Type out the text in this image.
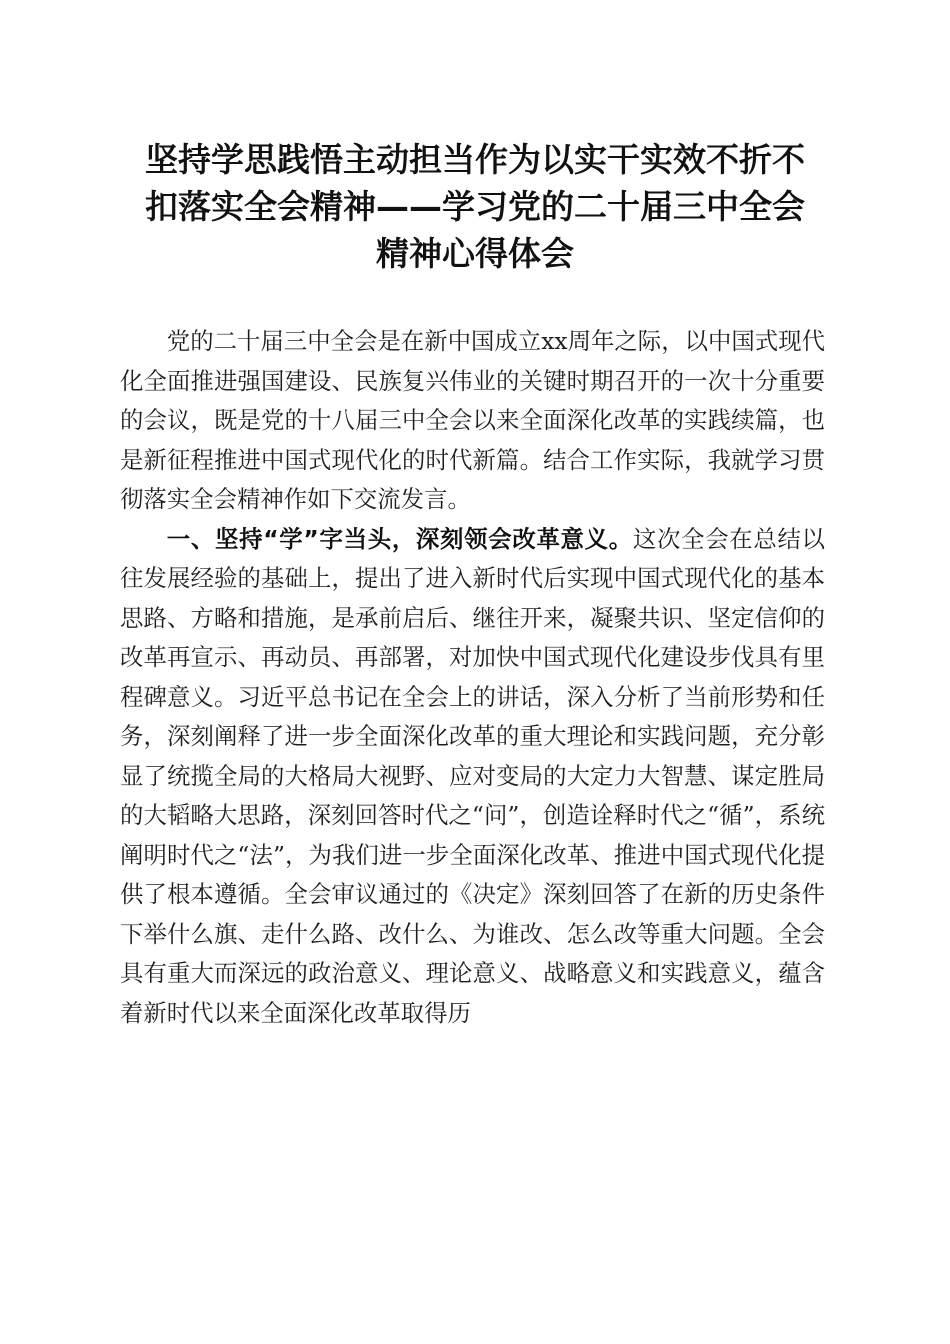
坚持学思践悟主动担当作为以实干实效不折不
扣落实全会精神——学习党的二十届三中全会
精神心得体会

党的二十届三中全会是在新中国成立xx周年之际，以中国式现代化全面推进强国建设、民族复兴伟业的关键时期召开的一次十分重要的会议，既是党的十八届三中全会以来全面深化改革的实践续篇，也是新征程推进中国式现代化的时代新篇。结合工作实际，我就学习贯彻落实全会精神作如下交流发言。

一、坚持“学”字当头，深刻领会改革意义。这次全会在总结以往发展经验的基础上，提出了进入新时代后实现中国式现代化的基本思路、方略和措施，是承前启后、继往开来，凝聚共识、坚定信仰的改革再宣示、再动员、再部署，对加快中国式现代化建设步伐具有里程碑意义。习近平总书记在全会上的讲话，深入分析了当前形势和任务，深刻阐释了进一步全面深化改革的重大理论和实践问题，充分彰显了统揽全局的大格局大视野、应对变局的大定力大智慧、谋定胜局的大韬略大思路，深刻回答时代之“问”，创造诠释时代之“循”，系统阐明时代之“法”，为我们进一步全面深化改革、推进中国式现代化提供了根本遵循。全会审议通过的《决定》深刻回答了在新的历史条件下举什么旗、走什么路、改什么、为谁改、怎么改等重大问题。全会具有重大而深远的政治意义、理论意义、战略意义和实践意义，蕴含着新时代以来全面深化改革取得历
